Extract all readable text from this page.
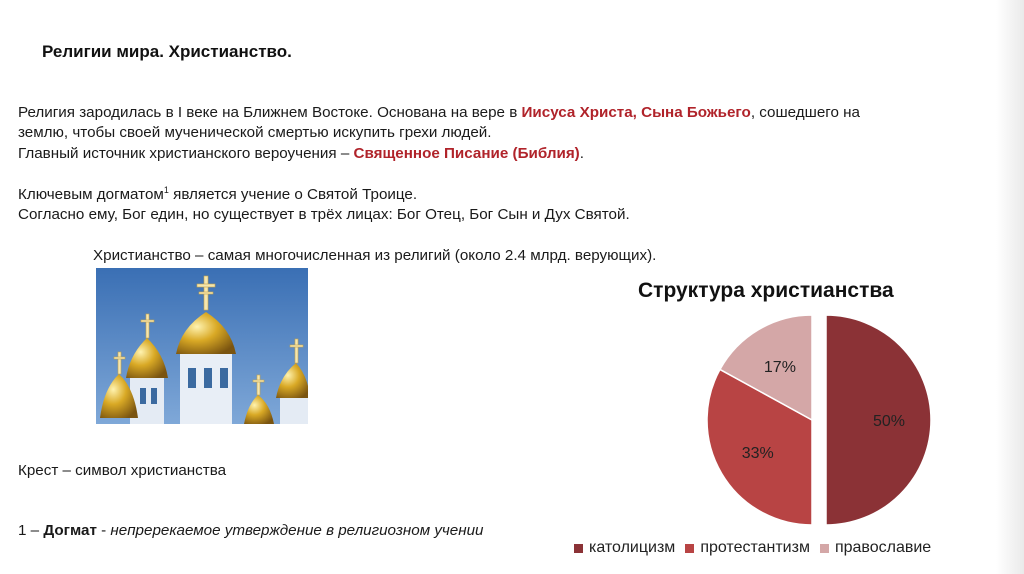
Религии мира. Христианство.
Религия зародилась в I веке на Ближнем Востоке. Основана на вере в Иисуса Христа, Сына Божьего, сошедшего на
землю, чтобы своей мученической смертью искупить грехи людей.
Главный источник христианского вероучения – Священное Писание (Библия).
Ключевым догматом$^1$ является учение о Святой Троице.
Согласно ему, Бог един, но существует в трёх лицах: Бог Отец, Бог Сын и Дух Святой.
Христианство – самая многочисленная из религий (около 2.4 млрд. верующих).
Крест – символ христианства
1 – Догмат - непререкаемое утверждение в религиозном учении
Структура христианства
50%
33%
17%
католицизм протестантизм православие
